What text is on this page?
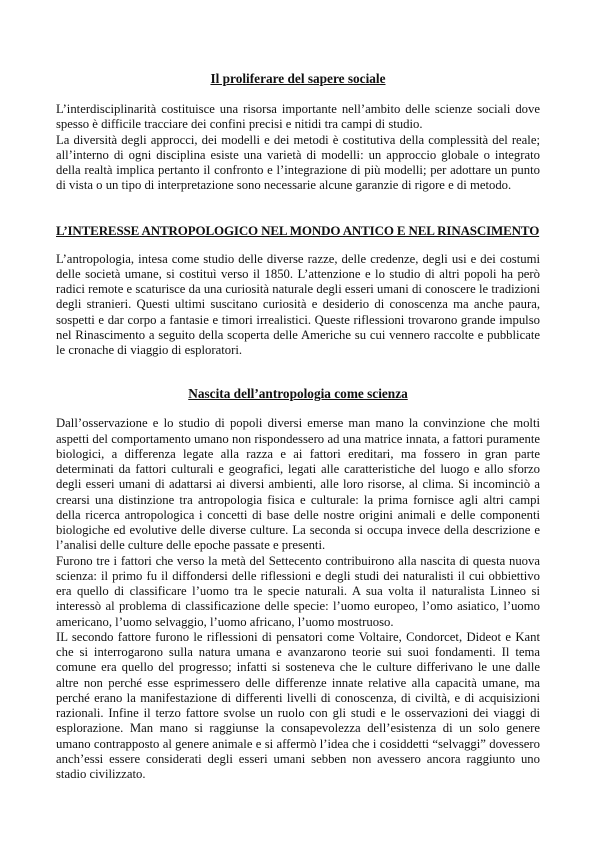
Il proliferare del sapere sociale

L’interdisciplinarità costituisce una risorsa importante nell’ambito delle scienze sociali dove spesso è difficile tracciare dei confini precisi e nitidi tra campi di studio.

La diversità degli approcci, dei modelli e dei metodi è costitutiva della complessità del reale; all’interno di ogni disciplina esiste una varietà di modelli: un approccio globale o integrato della realtà implica pertanto il confronto e l’integrazione di più modelli; per adottare un punto di vista o un tipo di interpretazione sono necessarie alcune garanzie di rigore e di metodo.

L’INTERESSE ANTROPOLOGICO NEL MONDO ANTICO E NEL RINASCIMENTO

L’antropologia, intesa come studio delle diverse razze, delle credenze, degli usi e dei costumi delle società umane, si costituì verso il 1850. L’attenzione e lo studio di altri popoli ha però radici remote e scaturisce da una curiosità naturale degli esseri umani di conoscere le tradizioni degli stranieri. Questi ultimi suscitano curiosità e desiderio di conoscenza ma anche paura, sospetti e dar corpo a fantasie e timori irrealistici. Queste riflessioni trovarono grande impulso nel Rinascimento a seguito della scoperta delle Americhe su cui vennero raccolte e pubblicate le cronache di viaggio di esploratori.

Nascita dell’antropologia come scienza

Dall’osservazione e lo studio di popoli diversi emerse man mano la convinzione che molti aspetti del comportamento umano non rispondessero ad una matrice innata, a fattori puramente biologici, a differenza legate alla razza e ai fattori ereditari, ma fossero in gran parte determinati da fattori culturali e geografici, legati alle caratteristiche del luogo e allo sforzo degli esseri umani di adattarsi ai diversi ambienti, alle loro risorse, al clima. Si incominciò a crearsi una distinzione tra antropologia fisica e culturale: la prima fornisce agli altri campi della ricerca antropologica i concetti di base delle nostre origini animali e delle componenti biologiche ed evolutive delle diverse culture. La seconda si occupa invece della descrizione e l’analisi delle culture delle epoche passate e presenti.

Furono tre i fattori che verso la metà del Settecento contribuirono alla nascita di questa nuova scienza: il primo fu il diffondersi delle riflessioni e degli studi dei naturalisti il cui obbiettivo era quello di classificare l’uomo tra le specie naturali. A sua volta il naturalista Linneo si interessò al problema di classificazione delle specie: l’uomo europeo, l’omo asiatico, l’uomo americano, l’uomo selvaggio, l’uomo africano, l’uomo mostruoso.

IL secondo fattore furono le riflessioni di pensatori come Voltaire, Condorcet, Dideot e Kant che si interrogarono sulla natura umana e avanzarono teorie sui suoi fondamenti. Il tema comune era quello del progresso; infatti si sosteneva che le culture differivano le une dalle altre non perché esse esprimessero delle differenze innate relative alla capacità umane, ma perché erano la manifestazione di differenti livelli di conoscenza, di civiltà, e di acquisizioni razionali. Infine il terzo fattore svolse un ruolo con gli studi e le osservazioni dei viaggi di esplorazione. Man mano si raggiunse la consapevolezza dell’esistenza di un solo genere umano contrapposto al genere animale e si affermò l’idea che i cosiddetti “selvaggi” dovessero anch’essi essere considerati degli esseri umani sebben non avessero ancora raggiunto uno stadio civilizzato.
